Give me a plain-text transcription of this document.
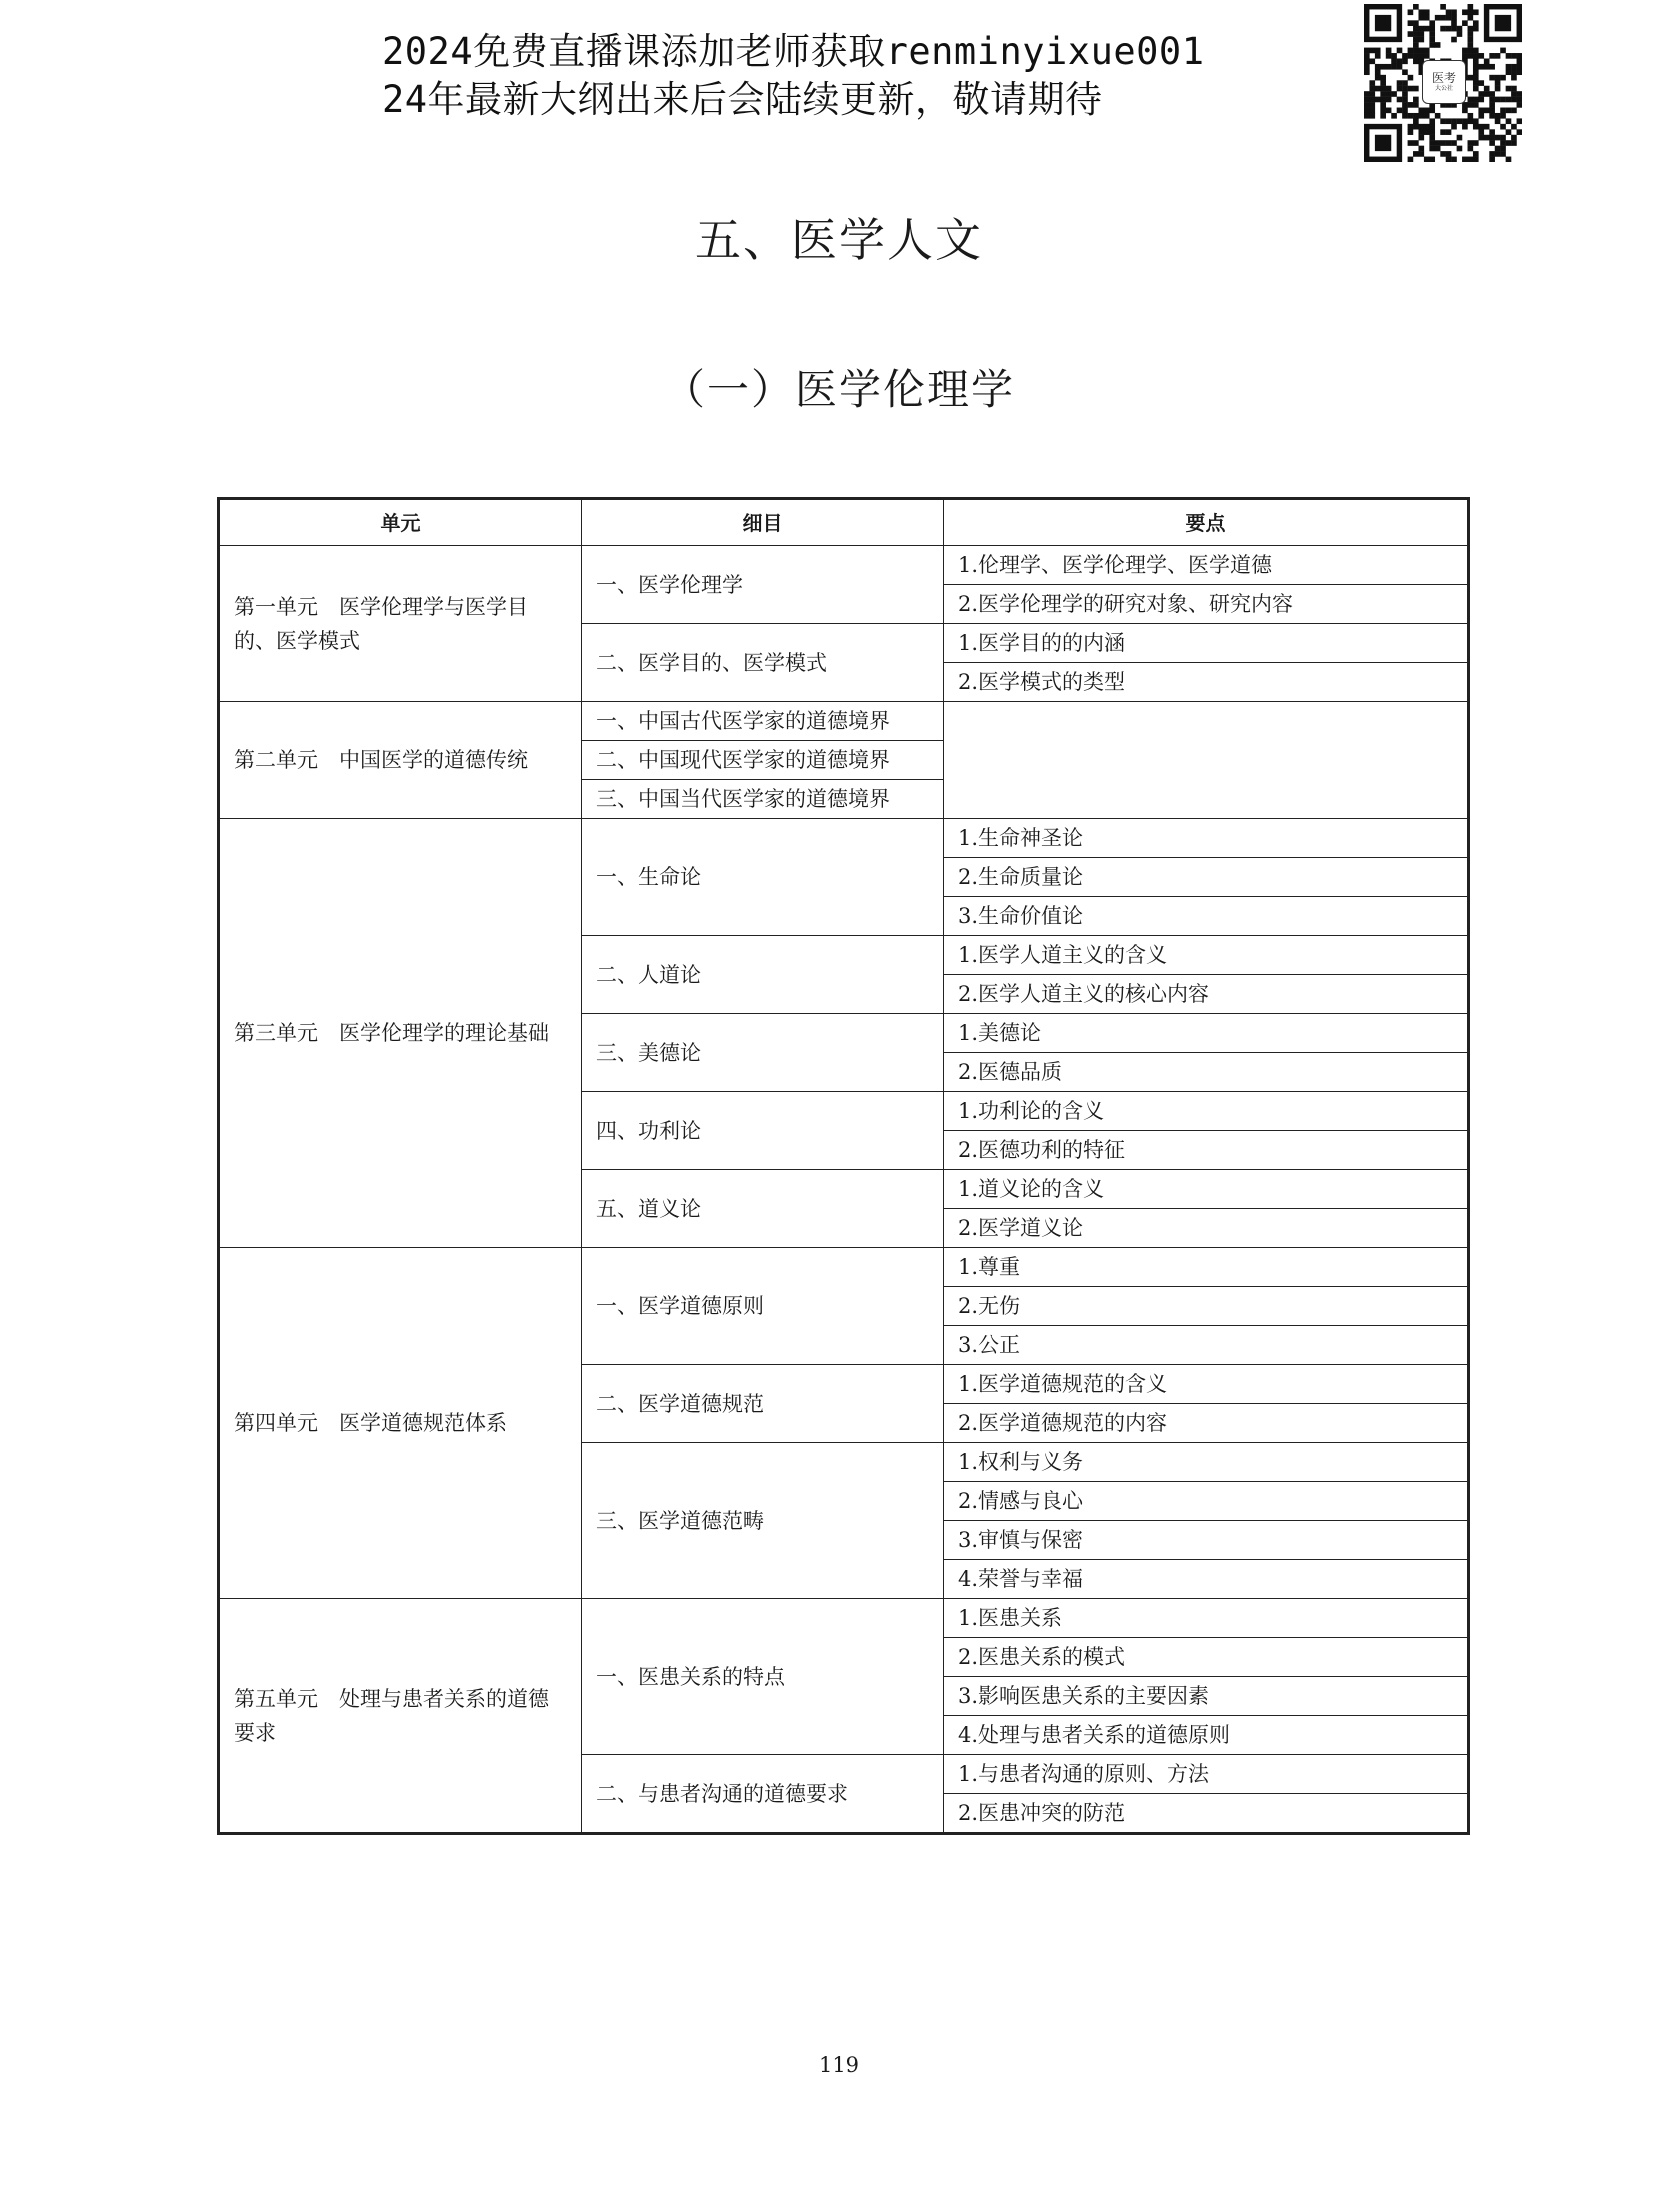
2024免费直播课添加老师获取renminyixue001
24年最新大纲出来后会陆续更新，敬请期待	医考
大公社
五、医学人文
（一）医学伦理学
单元	细目	要点
第一单元　医学伦理学与医学目的、医学模式	一、医学伦理学	1.伦理学、医学伦理学、医学道德
		2.医学伦理学的研究对象、研究内容
	二、医学目的、医学模式	1.医学目的的内涵
		2.医学模式的类型
第二单元　中国医学的道德传统	一、中国古代医学家的道德境界	
	二、中国现代医学家的道德境界	
	三、中国当代医学家的道德境界	
第三单元　医学伦理学的理论基础	一、生命论	1.生命神圣论
		2.生命质量论
		3.生命价值论
	二、人道论	1.医学人道主义的含义
		2.医学人道主义的核心内容
	三、美德论	1.美德论
		2.医德品质
	四、功利论	1.功利论的含义
		2.医德功利的特征
	五、道义论	1.道义论的含义
		2.医学道义论
第四单元　医学道德规范体系	一、医学道德原则	1.尊重
		2.无伤
		3.公正
	二、医学道德规范	1.医学道德规范的含义
		2.医学道德规范的内容
	三、医学道德范畴	1.权利与义务
		2.情感与良心
		3.审慎与保密
		4.荣誉与幸福
第五单元　处理与患者关系的道德要求	一、医患关系的特点	1.医患关系
		2.医患关系的模式
		3.影响医患关系的主要因素
		4.处理与患者关系的道德原则
	二、与患者沟通的道德要求	1.与患者沟通的原则、方法
		2.医患冲突的防范
119
